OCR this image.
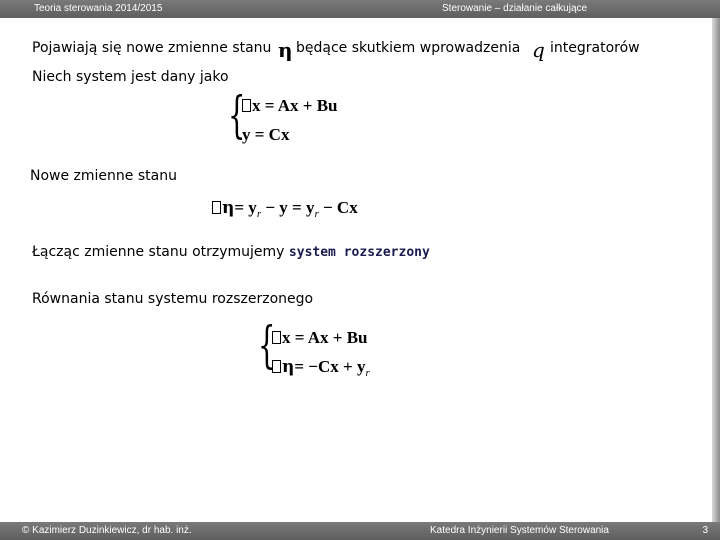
Teoria sterowania 2014/2015	Sterowanie – działanie całkujące
Pojawiają się nowe zmienne stanu η będące skutkiem wprowadzenia q integratorów
Niech system jest dany jako
{ x = Ax + Bu
y = Cx
Nowe zmienne stanu
$\eta= y_r - y = y_r - Cx$
Łącząc zmienne stanu otrzymujemy system rozszerzony
Równania stanu systemu rozszerzonego
{ x = Ax + Bu
$\eta= -Cx + y_r$
© Kazimierz Duzinkiewicz, dr hab. inż.	Katedra Inżynierii Systemów Sterowania	3
